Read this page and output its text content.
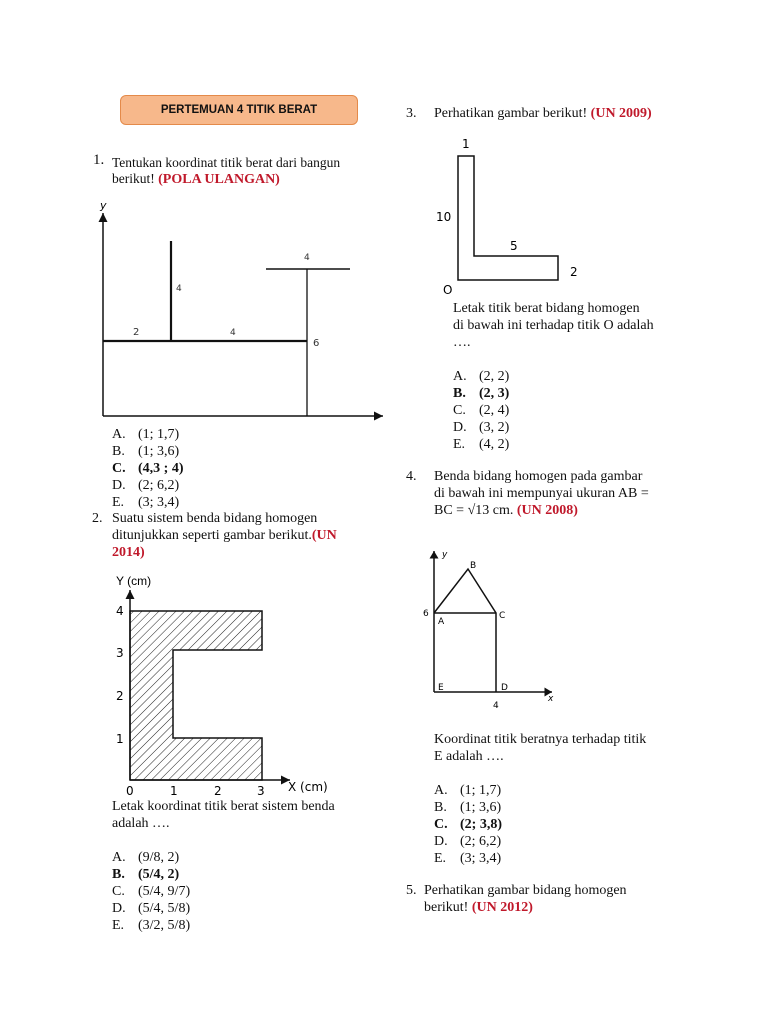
PERTEMUAN 4 TITIK BERAT
1. Tentukan koordinat titik berat dari bangun
berikut! (POLA ULANGAN)
y
4
4
4
2
6
A. (1; 1,7)
B. (1; 3,6)
C. (4,3 ; 4)
D. (2; 6,2)
E. (3; 3,4)
2. Suatu sistem benda bidang homogen
ditunjukkan seperti gambar berikut.(UN
2014)
Y (cm)
X (cm)
4
3
2
1
0	1	2	3
Letak koordinat titik berat sistem benda
adalah ….
A. (9/8, 2)
B. (5/4, 2)
C. (5/4, 9/7)
D. (5/4, 5/8)
E. (3/2, 5/8)
3. Perhatikan gambar berikut! (UN 2009)
1
10
5
2
O
Letak titik berat bidang homogen
di bawah ini terhadap titik O adalah
….
A. (2, 2)
B. (2, 3)
C. (2, 4)
D. (3, 2)
E. (4, 2)
4. Benda bidang homogen pada gambar
di bawah ini mempunyai ukuran AB =
BC = √13 cm. (UN 2008)
y
x
B
A
C
E	D
6
4
Koordinat titik beratnya terhadap titik
E adalah ….
A. (1; 1,7)
B. (1; 3,6)
C. (2; 3,8)
D. (2; 6,2)
E. (3; 3,4)
5. Perhatikan gambar bidang homogen
berikut! (UN 2012)
